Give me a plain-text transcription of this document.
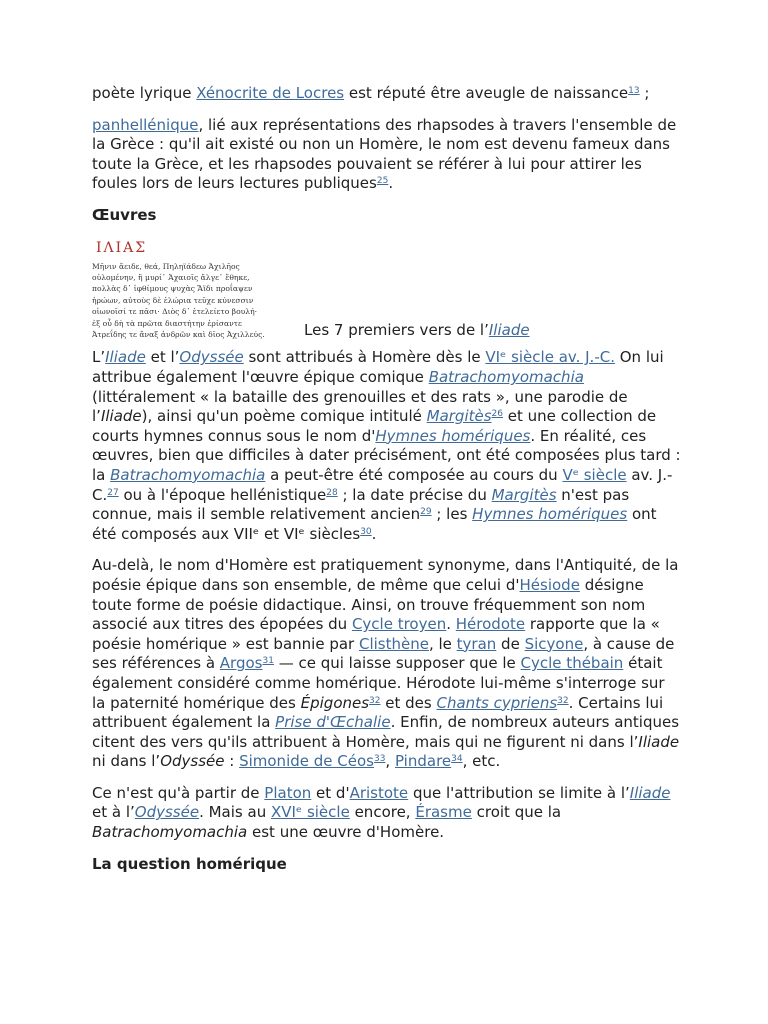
poète lyrique Xénocrite de Locres est réputé être aveugle de naissance$^{13}$ ;

panhellénique, lié aux représentations des rhapsodes à travers l'ensemble de la Grèce : qu'il ait existé ou non un Homère, le nom est devenu fameux dans toute la Grèce, et les rhapsodes pouvaient se référer à lui pour attirer les foules lors de leurs lectures publiques$^{25}$.

Œuvres
ΙΛΙΑΣ
Μῆνιν ἄειδε, θεά, Πηληϊάδεω Ἀχιλῆος
οὐλομένην, ἣ μυρί᾽ Ἀχαιοῖς ἄλγε᾽ ἔθηκε,
πολλὰς δ᾽ ἰφθίμους ψυχὰς Ἄϊδι προΐαψεν
ἡρώων, αὐτοὺς δὲ ἑλώρια τεῦχε κύνεσσιν
οἰωνοῖσί τε πᾶσι· Διὸς δ᾽ ἐτελείετο βουλή·
ἐξ οὗ δὴ τὰ πρῶτα διαστήτην ἐρίσαντε
Ἀτρεΐδης τε ἄναξ ἀνδρῶν καὶ δῖος Ἀχιλλεύς.	Les 7 premiers vers de l’Iliade

L’Iliade et l’Odyssée sont attribués à Homère dès le VIᵉ siècle av. J.-C. On lui attribue également l'œuvre épique comique Batrachomyomachia (littéralement « la bataille des grenouilles et des rats », une parodie de l’Iliade), ainsi qu'un poème comique intitulé Margitès$^{26}$ et une collection de courts hymnes connus sous le nom d'Hymnes homériques. En réalité, ces œuvres, bien que difficiles à dater précisément, ont été composées plus tard : la Batrachomyomachia a peut-être été composée au cours du Vᵉ siècle av. J.-C.$^{27}$ ou à l'époque hellénistique$^{28}$ ; la date précise du Margitès n'est pas connue, mais il semble relativement ancien$^{29}$ ; les Hymnes homériques ont été composés aux VIIᵉ et VIᵉ siècles$^{30}$.

Au-delà, le nom d'Homère est pratiquement synonyme, dans l'Antiquité, de la poésie épique dans son ensemble, de même que celui d'Hésiode désigne toute forme de poésie didactique. Ainsi, on trouve fréquemment son nom associé aux titres des épopées du Cycle troyen. Hérodote rapporte que la « poésie homérique » est bannie par Clisthène, le tyran de Sicyone, à cause de ses références à Argos$^{31}$ — ce qui laisse supposer que le Cycle thébain était également considéré comme homérique. Hérodote lui-même s'interroge sur la paternité homérique des Épigones$^{32}$ et des Chants cypriens$^{32}$. Certains lui attribuent également la Prise d'Œchalie. Enfin, de nombreux auteurs antiques citent des vers qu'ils attribuent à Homère, mais qui ne figurent ni dans l’Iliade ni dans l’Odyssée : Simonide de Céos$^{33}$, Pindare$^{34}$, etc.

Ce n'est qu'à partir de Platon et d'Aristote que l'attribution se limite à l’Iliade et à l’Odyssée. Mais au XVIᵉ siècle encore, Érasme croit que la Batrachomyomachia est une œuvre d'Homère.

La question homérique
